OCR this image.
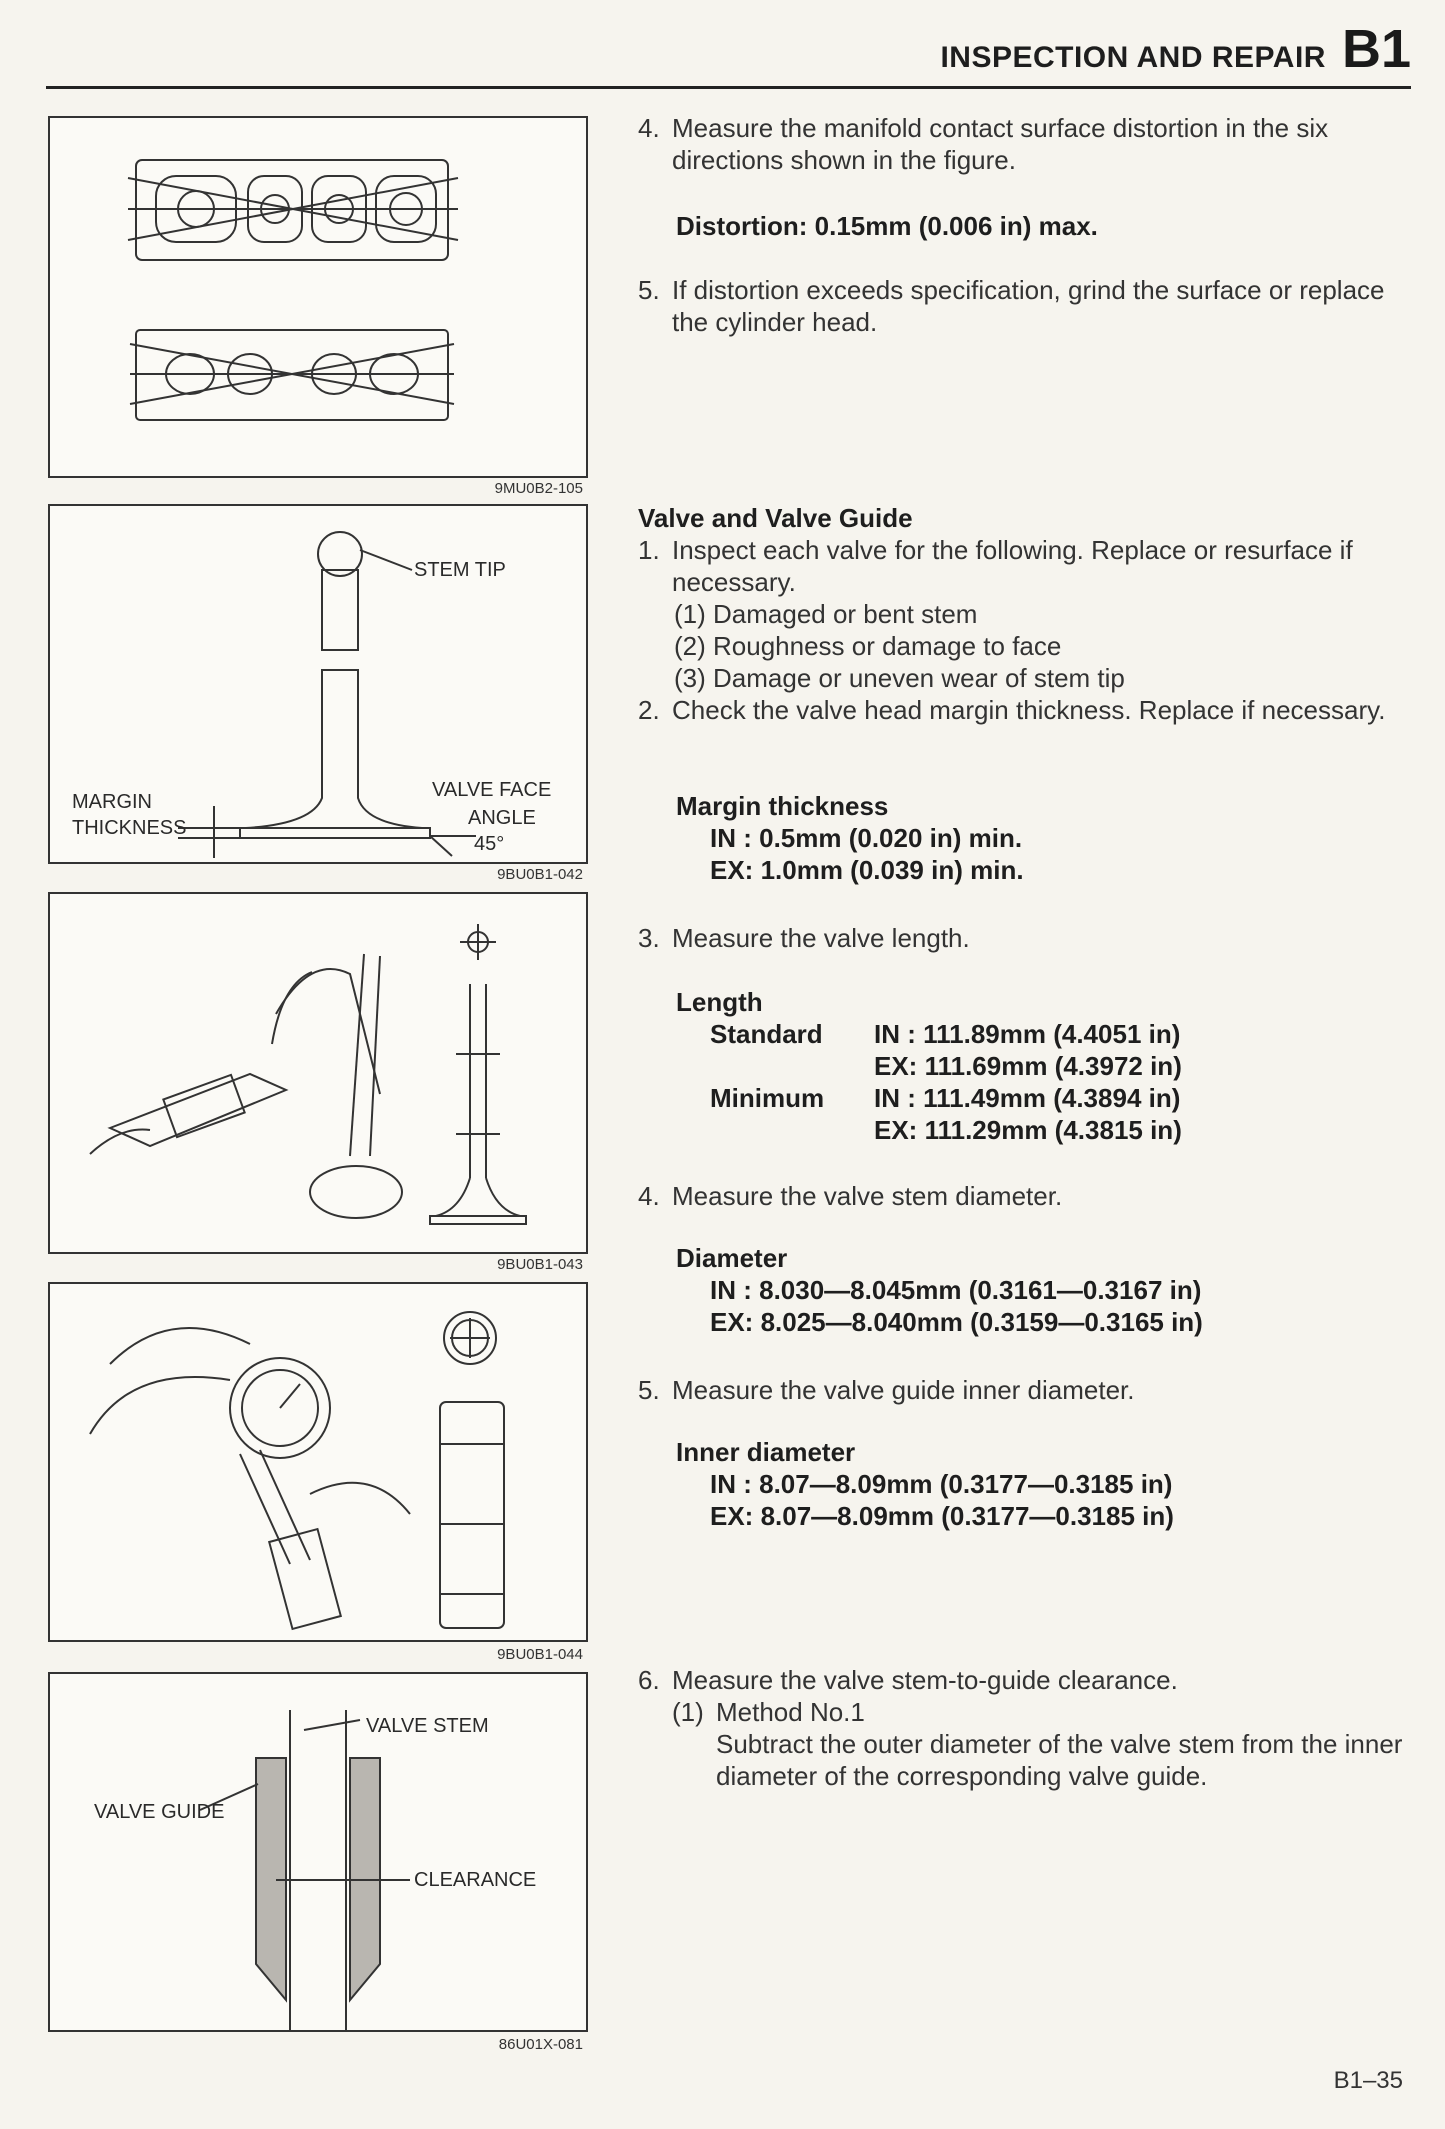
INSPECTION AND REPAIR B1
9MU0B2-105
STEM TIP
MARGIN
THICKNESS
VALVE FACE
ANGLE
45°
9BU0B1-042
9BU0B1-043
9BU0B1-044
VALVE STEM
VALVE GUIDE
CLEARANCE
86U01X-081
4. Measure the manifold contact surface distortion in the six directions shown in the figure.
Distortion: 0.15mm (0.006 in) max.
5. If distortion exceeds specification, grind the surface or replace the cylinder head.
Valve and Valve Guide
1. Inspect each valve for the following. Replace or resurface if necessary.
(1) Damaged or bent stem
(2) Roughness or damage to face
(3) Damage or uneven wear of stem tip
2. Check the valve head margin thickness. Replace if necessary.
Margin thickness
IN : 0.5mm (0.020 in) min.
EX: 1.0mm (0.039 in) min.
3. Measure the valve length.
Length
Standard	IN : 111.89mm (4.4051 in)
EX: 111.69mm (4.3972 in)
Minimum	IN : 111.49mm (4.3894 in)
EX: 111.29mm (4.3815 in)
4. Measure the valve stem diameter.
Diameter
IN : 8.030—8.045mm (0.3161—0.3167 in)
EX: 8.025—8.040mm (0.3159—0.3165 in)
5. Measure the valve guide inner diameter.
Inner diameter
IN : 8.07—8.09mm (0.3177—0.3185 in)
EX: 8.07—8.09mm (0.3177—0.3185 in)
6. Measure the valve stem-to-guide clearance.
(1) Method No.1
Subtract the outer diameter of the valve stem from the inner diameter of the corresponding valve guide.
B1–35
